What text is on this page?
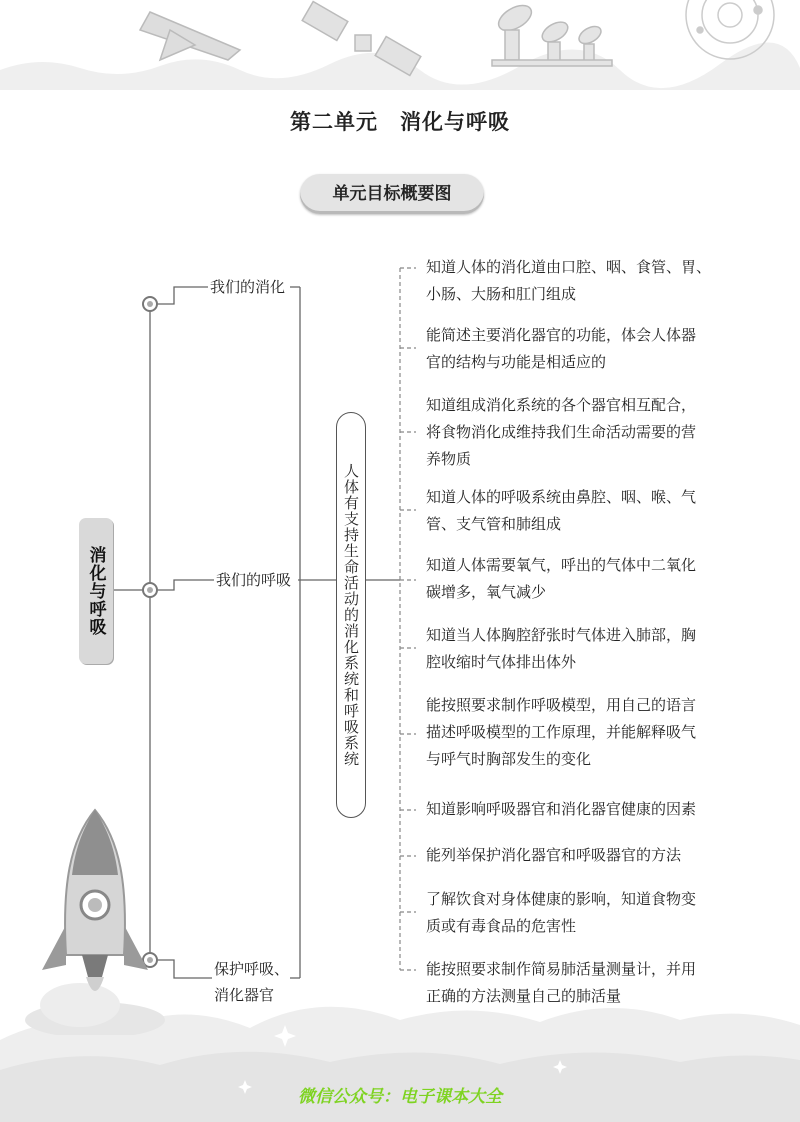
第二单元　消化与呼吸
单元目标概要图
消化与呼吸
我们的消化
我们的呼吸
保护呼吸、
消化器官
人体有支持生命活动的消化系统和呼吸系统
知道人体的消化道由口腔、咽、食管、胃、
小肠、大肠和肛门组成
能简述主要消化器官的功能，体会人体器
官的结构与功能是相适应的
知道组成消化系统的各个器官相互配合，
将食物消化成维持我们生命活动需要的营
养物质
知道人体的呼吸系统由鼻腔、咽、喉、气
管、支气管和肺组成
知道人体需要氧气，呼出的气体中二氧化
碳增多，氧气减少
知道当人体胸腔舒张时气体进入肺部，胸
腔收缩时气体排出体外
能按照要求制作呼吸模型，用自己的语言
描述呼吸模型的工作原理，并能解释吸气
与呼气时胸部发生的变化
知道影响呼吸器官和消化器官健康的因素
能列举保护消化器官和呼吸器官的方法
了解饮食对身体健康的影响，知道食物变
质或有毒食品的危害性
能按照要求制作简易肺活量测量计，并用
正确的方法测量自己的肺活量
微信公众号：电子课本大全
